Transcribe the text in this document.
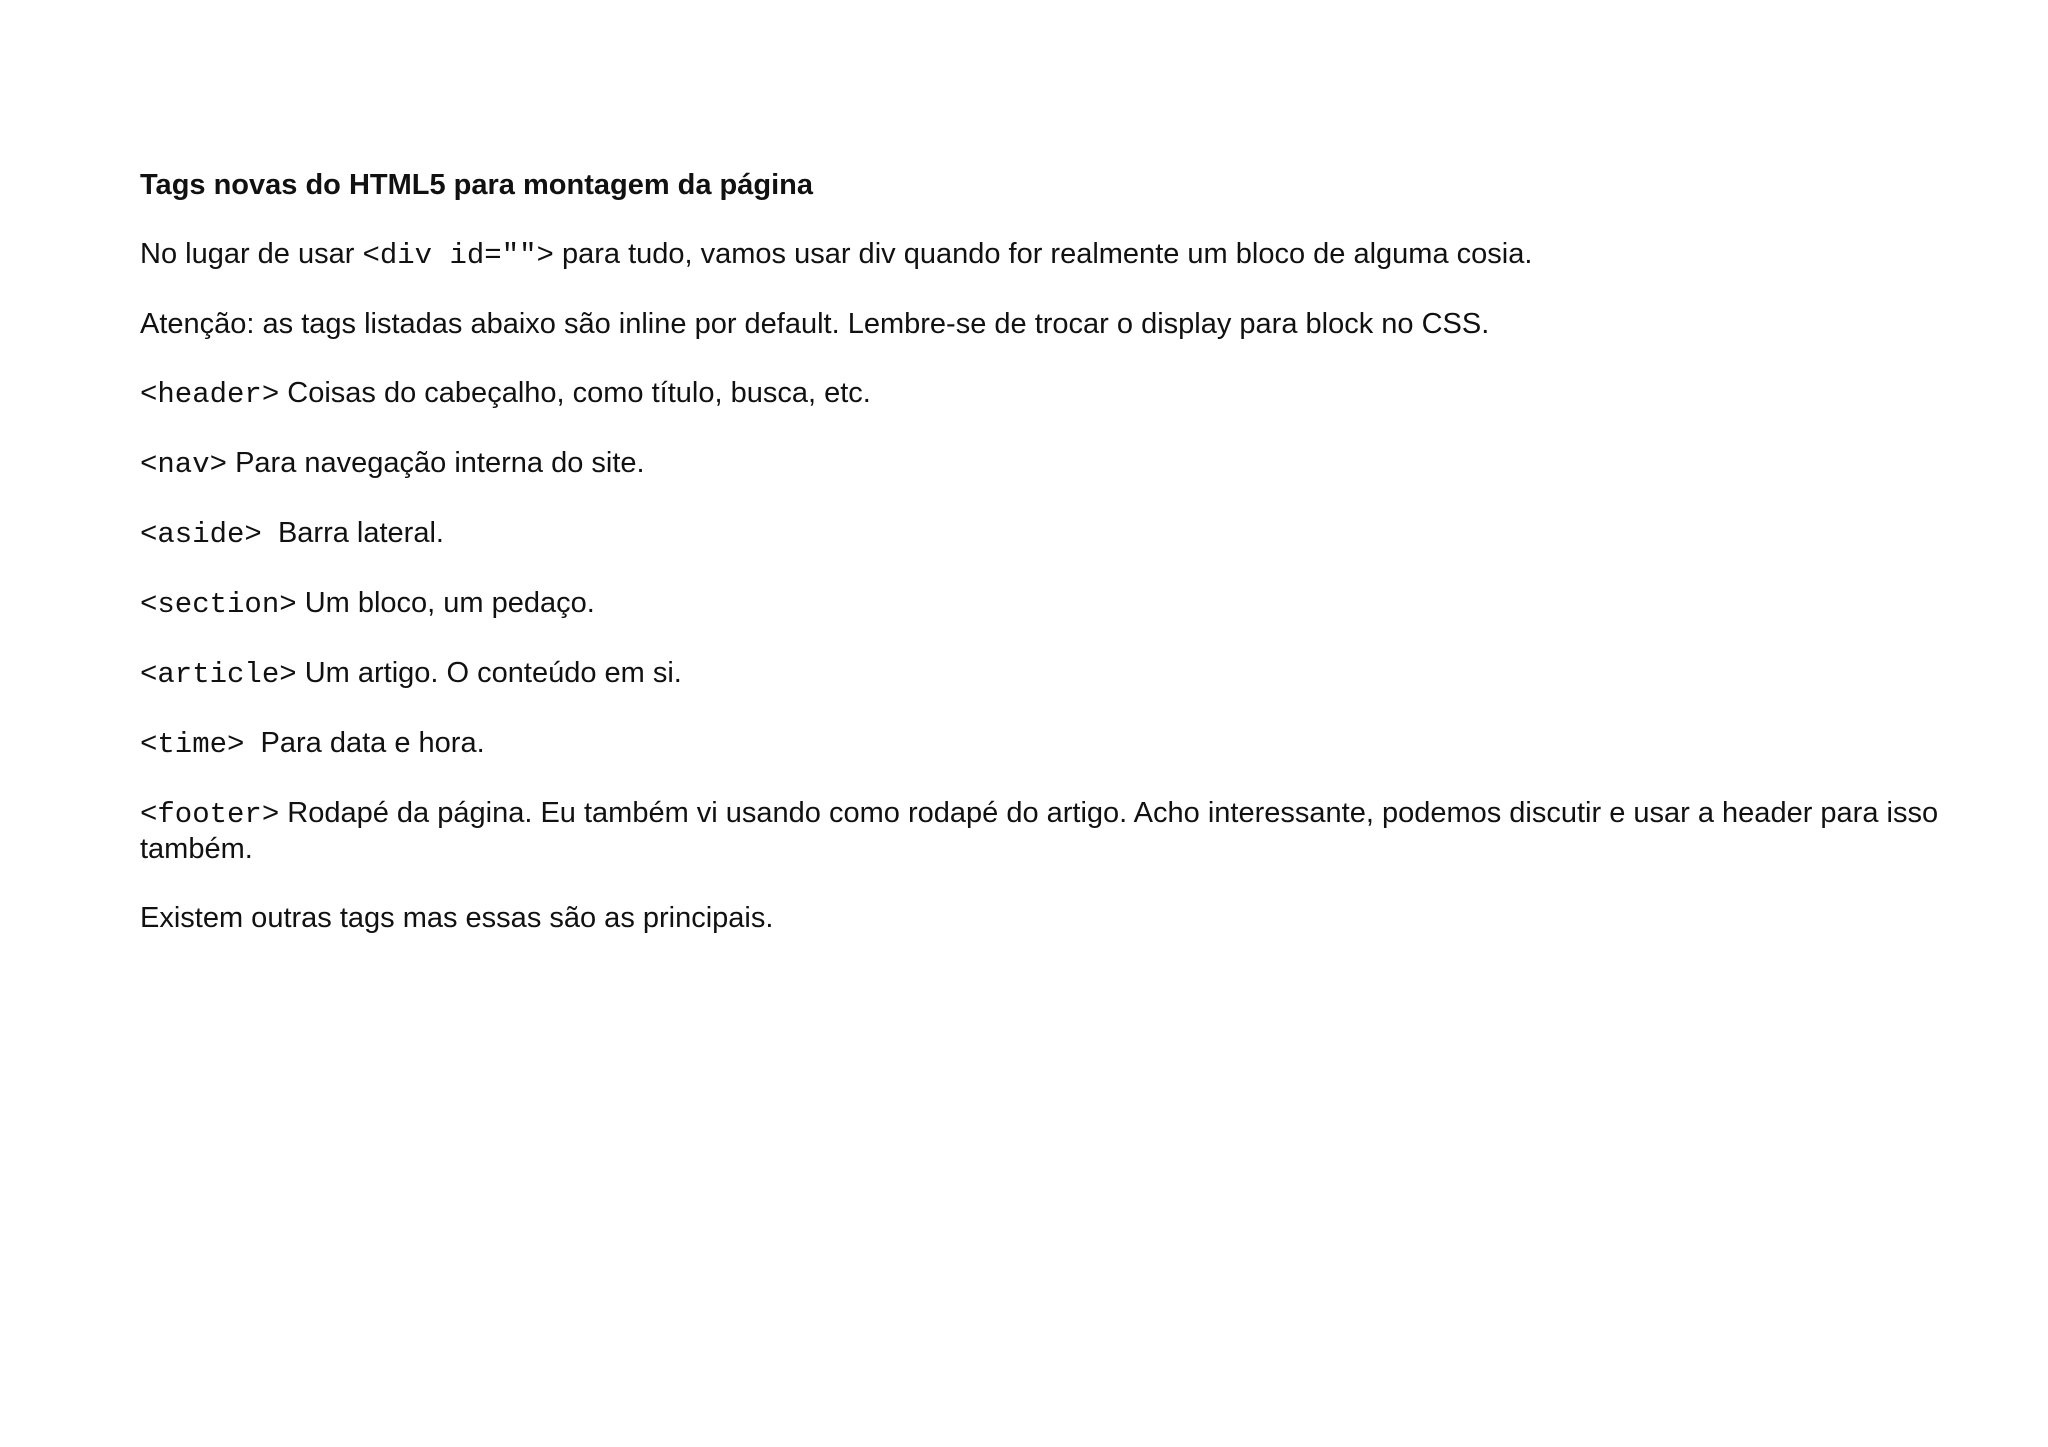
Tags novas do HTML5 para montagem da página

No lugar de usar <div id=""> para tudo, vamos usar div quando for realmente um bloco de alguma cosia.

Atenção: as tags listadas abaixo são inline por default. Lembre-se de trocar o display para block no CSS.

<header> Coisas do cabeçalho, como título, busca, etc.

<nav> Para navegação interna do site.

<aside>  Barra lateral.

<section> Um bloco, um pedaço.

<article> Um artigo. O conteúdo em si.

<time>  Para data e hora.

<footer> Rodapé da página. Eu também vi usando como rodapé do artigo. Acho interessante, podemos discutir e usar a header para isso também.

Existem outras tags mas essas são as principais.
